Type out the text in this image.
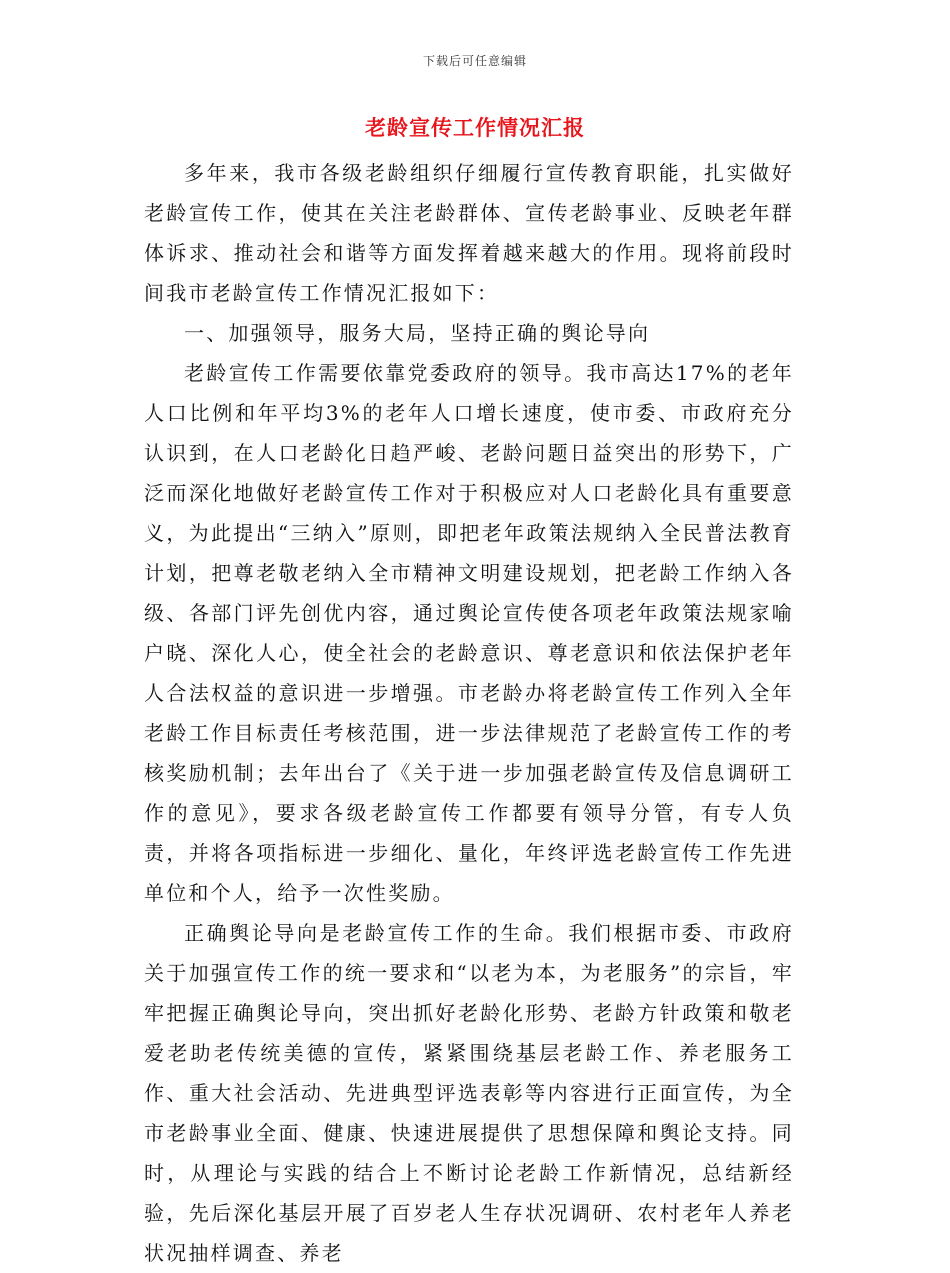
下载后可任意编辑
老龄宣传工作情况汇报

多年来，我市各级老龄组织仔细履行宣传教育职能，扎实做好老龄宣传工作，使其在关注老龄群体、宣传老龄事业、反映老年群体诉求、推动社会和谐等方面发挥着越来越大的作用。现将前段时间我市老龄宣传工作情况汇报如下：

一、加强领导，服务大局，坚持正确的舆论导向

老龄宣传工作需要依靠党委政府的领导。我市高达17%的老年人口比例和年平均3%的老年人口增长速度，使市委、市政府充分认识到，在人口老龄化日趋严峻、老龄问题日益突出的形势下，广泛而深化地做好老龄宣传工作对于积极应对人口老龄化具有重要意义，为此提出“三纳入”原则，即把老年政策法规纳入全民普法教育计划，把尊老敬老纳入全市精神文明建设规划，把老龄工作纳入各级、各部门评先创优内容，通过舆论宣传使各项老年政策法规家喻户晓、深化人心，使全社会的老龄意识、尊老意识和依法保护老年人合法权益的意识进一步增强。市老龄办将老龄宣传工作列入全年老龄工作目标责任考核范围，进一步法律规范了老龄宣传工作的考核奖励机制；去年出台了《关于进一步加强老龄宣传及信息调研工作的意见》，要求各级老龄宣传工作都要有领导分管，有专人负责，并将各项指标进一步细化、量化，年终评选老龄宣传工作先进单位和个人，给予一次性奖励。

正确舆论导向是老龄宣传工作的生命。我们根据市委、市政府关于加强宣传工作的统一要求和“以老为本，为老服务”的宗旨，牢牢把握正确舆论导向，突出抓好老龄化形势、老龄方针政策和敬老爱老助老传统美德的宣传，紧紧围绕基层老龄工作、养老服务工作、重大社会活动、先进典型评选表彰等内容进行正面宣传，为全市老龄事业全面、健康、快速进展提供了思想保障和舆论支持。同时，从理论与实践的结合上不断讨论老龄工作新情况，总结新经验，先后深化基层开展了百岁老人生存状况调研、农村老年人养老状况抽样调查、养老
